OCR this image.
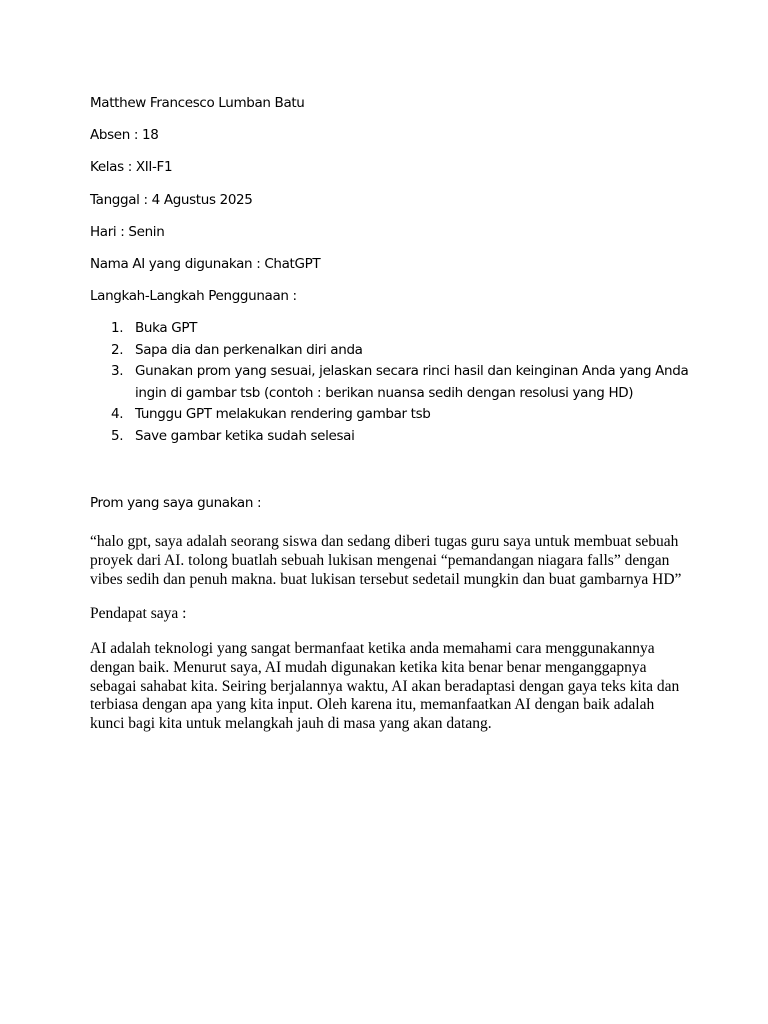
Matthew Francesco Lumban Batu
Absen : 18
Kelas : XII-F1
Tanggal : 4 Agustus 2025
Hari : Senin
Nama AI yang digunakan : ChatGPT
Langkah-Langkah Penggunaan :
1. Buka GPT
2. Sapa dia dan perkenalkan diri anda
3. Gunakan prom yang sesuai, jelaskan secara rinci hasil dan keinginan Anda yang Anda ingin di gambar tsb (contoh : berikan nuansa sedih dengan resolusi yang HD)
4. Tunggu GPT melakukan rendering gambar tsb
5. Save gambar ketika sudah selesai
Prom yang saya gunakan :
“halo gpt, saya adalah seorang siswa dan sedang diberi tugas guru saya untuk membuat sebuah proyek dari AI. tolong buatlah sebuah lukisan mengenai “pemandangan niagara falls” dengan vibes sedih dan penuh makna. buat lukisan tersebut sedetail mungkin dan buat gambarnya HD”
Pendapat saya :
AI adalah teknologi yang sangat bermanfaat ketika anda memahami cara menggunakannya dengan baik. Menurut saya, AI mudah digunakan ketika kita benar benar menganggapnya sebagai sahabat kita. Seiring berjalannya waktu, AI akan beradaptasi dengan gaya teks kita dan terbiasa dengan apa yang kita input. Oleh karena itu, memanfaatkan AI dengan baik adalah kunci bagi kita untuk melangkah jauh di masa yang akan datang.
